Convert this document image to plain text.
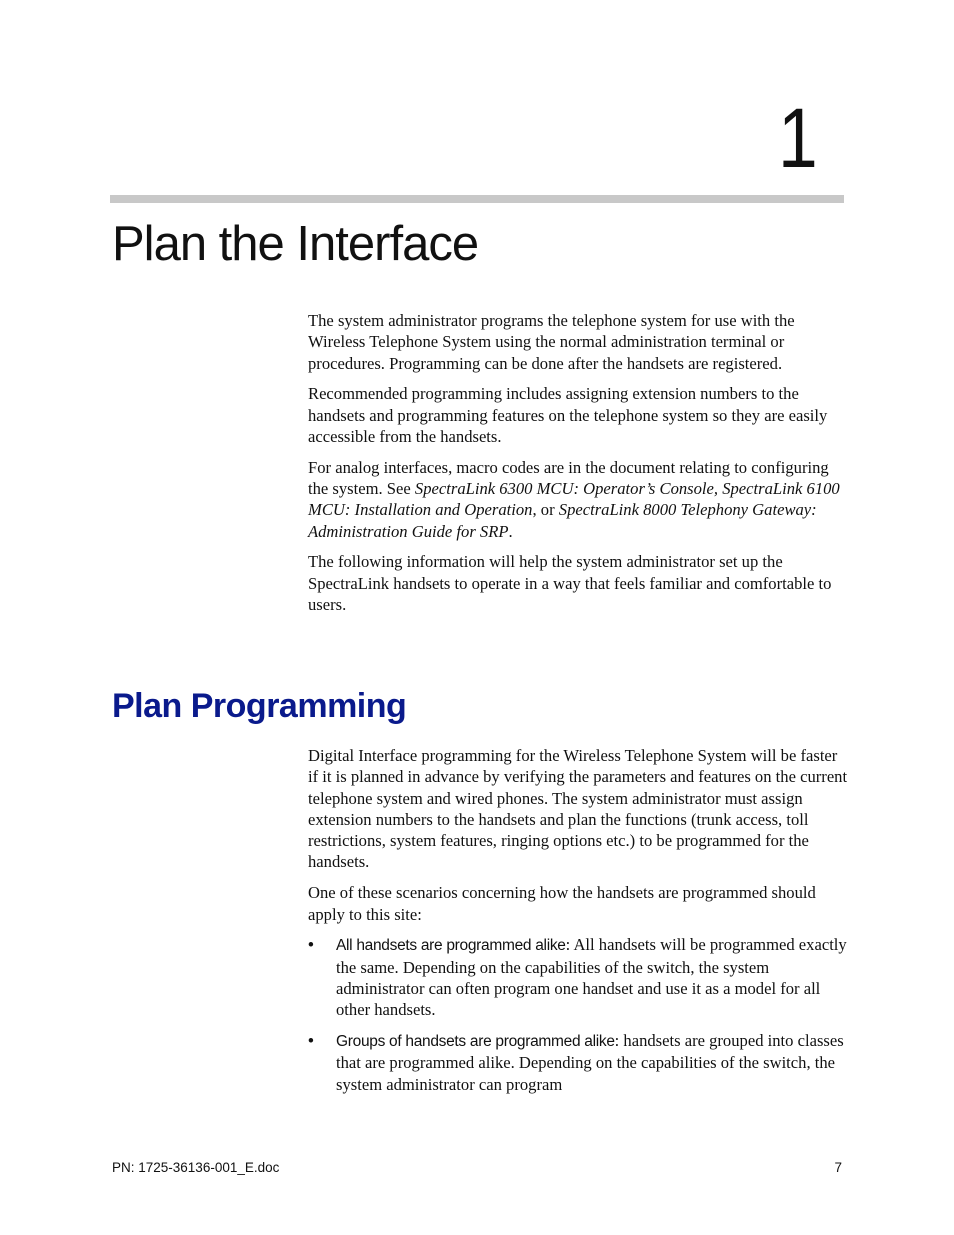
1
Plan the Interface

The system administrator programs the telephone system for use with the Wireless Telephone System using the normal administration terminal or procedures. Programming can be done after the handsets are registered.

Recommended programming includes assigning extension numbers to the handsets and programming features on the telephone system so they are easily accessible from the handsets.

For analog interfaces, macro codes are in the document relating to configuring the system. See SpectraLink 6300 MCU: Operator’s Console, SpectraLink 6100 MCU: Installation and Operation, or SpectraLink 8000 Telephony Gateway: Administration Guide for SRP.

The following information will help the system administrator set up the SpectraLink handsets to operate in a way that feels familiar and comfortable to users.

Plan Programming

Digital Interface programming for the Wireless Telephone System will be faster if it is planned in advance by verifying the parameters and features on the current telephone system and wired phones. The system administrator must assign extension numbers to the handsets and plan the functions (trunk access, toll restrictions, system features, ringing options etc.) to be programmed for the handsets.

One of these scenarios concerning how the handsets are programmed should apply to this site:

• All handsets are programmed alike: All handsets will be programmed exactly the same. Depending on the capabilities of the switch, the system administrator can often program one handset and use it as a model for all other handsets.
• Groups of handsets are programmed alike: handsets are grouped into classes that are programmed alike. Depending on the capabilities of the switch, the system administrator can program
PN: 1725-36136-001_E.doc	7
